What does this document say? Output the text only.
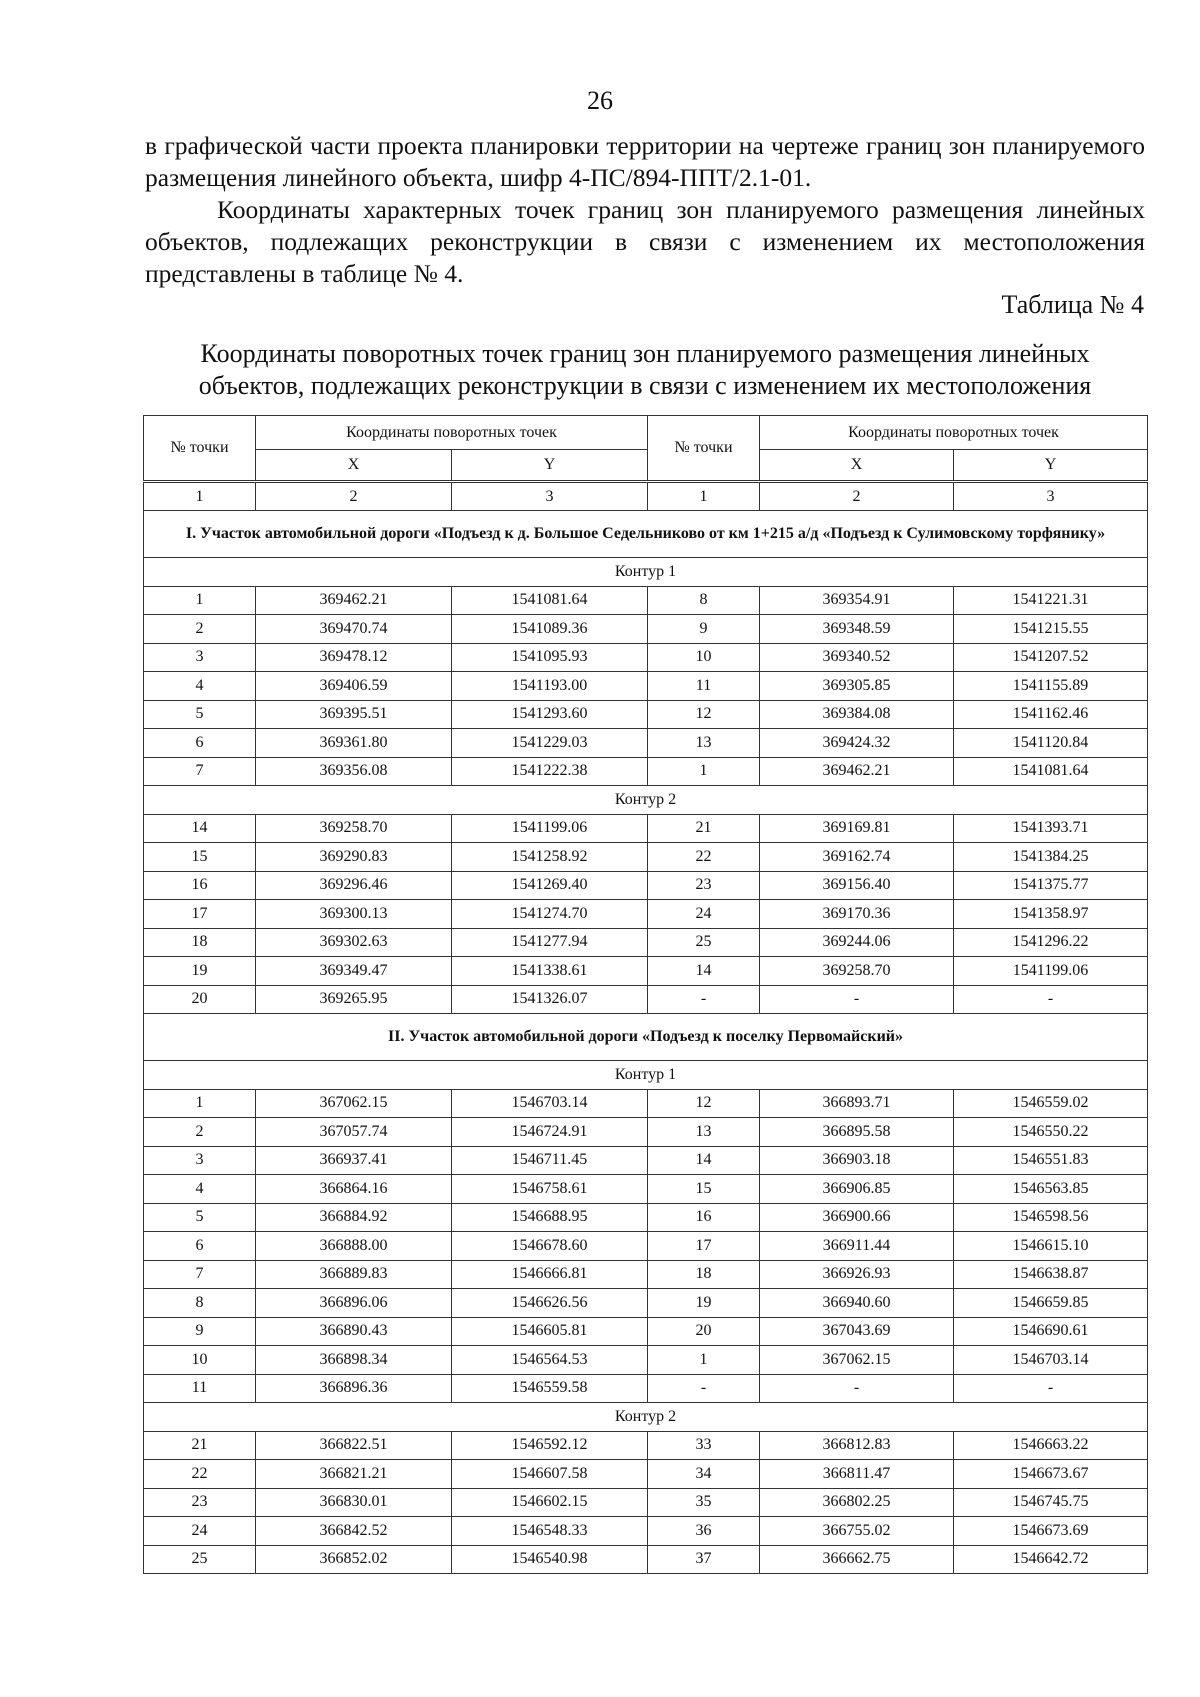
26
в графической части проекта планировки территории на чертеже границ зон планируемого размещения линейного объекта, шифр 4-ПС/894-ППТ/2.1-01.
Координаты характерных точек границ зон планируемого размещения линейных объектов, подлежащих реконструкции в связи с изменением их местоположения представлены в таблице № 4.
Таблица № 4
Координаты поворотных точек границ зон планируемого размещения линейных объектов, подлежащих реконструкции в связи с изменением их местоположения
№ точки	Координаты поворотных точек		№ точки	Координаты поворотных точек	
	X	Y		X	Y
1	2	3	1	2	3
I. Участок автомобильной дороги «Подъезд к д. Большое Седельниково от км 1+215 а/д «Подъезд к Сулимовскому торфянику»					
Контур 1					
1	369462.21	1541081.64	8	369354.91	1541221.31
2	369470.74	1541089.36	9	369348.59	1541215.55
3	369478.12	1541095.93	10	369340.52	1541207.52
4	369406.59	1541193.00	11	369305.85	1541155.89
5	369395.51	1541293.60	12	369384.08	1541162.46
6	369361.80	1541229.03	13	369424.32	1541120.84
7	369356.08	1541222.38	1	369462.21	1541081.64
Контур 2					
14	369258.70	1541199.06	21	369169.81	1541393.71
15	369290.83	1541258.92	22	369162.74	1541384.25
16	369296.46	1541269.40	23	369156.40	1541375.77
17	369300.13	1541274.70	24	369170.36	1541358.97
18	369302.63	1541277.94	25	369244.06	1541296.22
19	369349.47	1541338.61	14	369258.70	1541199.06
20	369265.95	1541326.07	-	-	-
II. Участок автомобильной дороги «Подъезд к поселку Первомайский»					
Контур 1					
1	367062.15	1546703.14	12	366893.71	1546559.02
2	367057.74	1546724.91	13	366895.58	1546550.22
3	366937.41	1546711.45	14	366903.18	1546551.83
4	366864.16	1546758.61	15	366906.85	1546563.85
5	366884.92	1546688.95	16	366900.66	1546598.56
6	366888.00	1546678.60	17	366911.44	1546615.10
7	366889.83	1546666.81	18	366926.93	1546638.87
8	366896.06	1546626.56	19	366940.60	1546659.85
9	366890.43	1546605.81	20	367043.69	1546690.61
10	366898.34	1546564.53	1	367062.15	1546703.14
11	366896.36	1546559.58	-	-	-
Контур 2					
21	366822.51	1546592.12	33	366812.83	1546663.22
22	366821.21	1546607.58	34	366811.47	1546673.67
23	366830.01	1546602.15	35	366802.25	1546745.75
24	366842.52	1546548.33	36	366755.02	1546673.69
25	366852.02	1546540.98	37	366662.75	1546642.72
